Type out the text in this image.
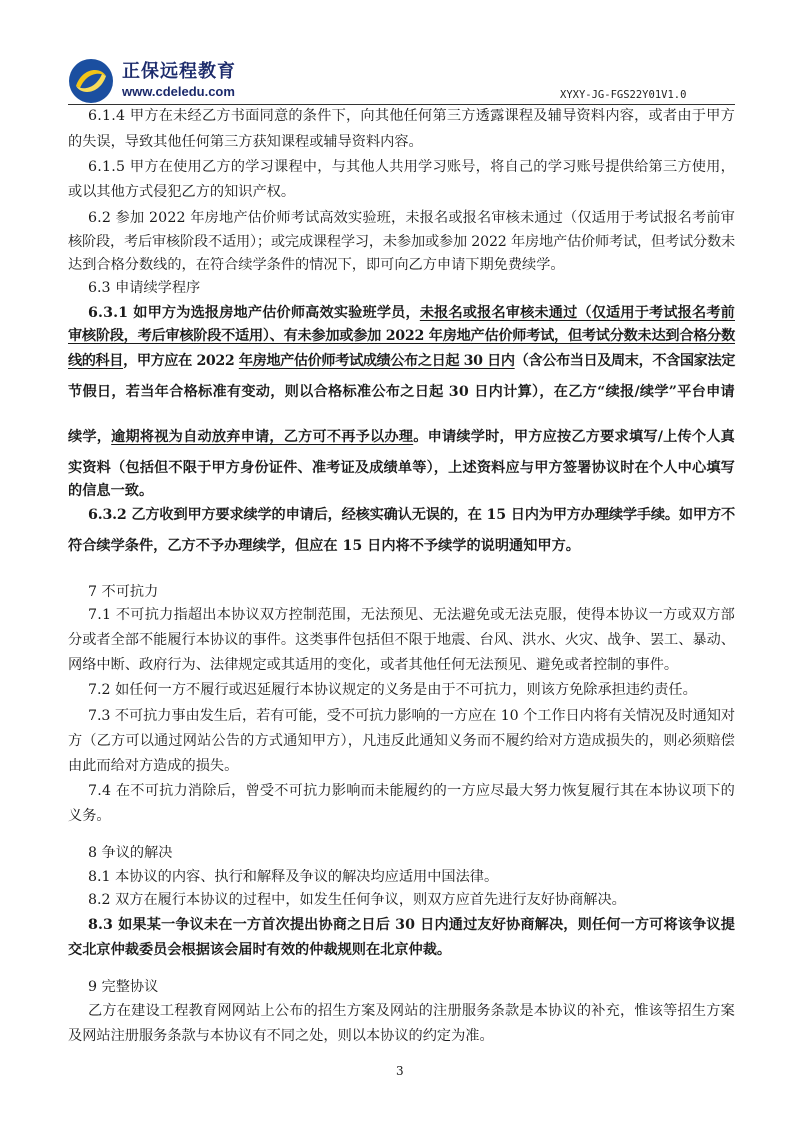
正保远程教育
www.cdeledu.com	XYXY-JG-FGS22Y01V1.0
6.1.4 甲方在未经乙方书面同意的条件下，向其他任何第三方透露课程及辅导资料内容，或者由于甲方
的失误，导致其他任何第三方获知课程或辅导资料内容。
6.1.5 甲方在使用乙方的学习课程中，与其他人共用学习账号，将自己的学习账号提供给第三方使用，
或以其他方式侵犯乙方的知识产权。
6.2 参加 2022 年房地产估价师考试高效实验班，未报名或报名审核未通过（仅适用于考试报名考前审
核阶段，考后审核阶段不适用）；或完成课程学习，未参加或参加 2022 年房地产估价师考试，但考试分数未
达到合格分数线的，在符合续学条件的情况下，即可向乙方申请下期免费续学。
6.3 申请续学程序
6.3.1 如甲方为选报房地产估价师高效实验班学员，未报名或报名审核未通过（仅适用于考试报名考前
审核阶段，考后审核阶段不适用）、有未参加或参加 2022 年房地产估价师考试，但考试分数未达到合格分数
线的科目，甲方应在 2022 年房地产估价师考试成绩公布之日起 30 日内（含公布当日及周末，不含国家法定
节假日，若当年合格标准有变动，则以合格标准公布之日起 30 日内计算），在乙方“续报/续学”平台申请
续学，逾期将视为自动放弃申请，乙方可不再予以办理。申请续学时，甲方应按乙方要求填写/上传个人真
实资料（包括但不限于甲方身份证件、准考证及成绩单等），上述资料应与甲方签署协议时在个人中心填写
的信息一致。
6.3.2 乙方收到甲方要求续学的申请后，经核实确认无误的，在 15 日内为甲方办理续学手续。如甲方不
符合续学条件，乙方不予办理续学，但应在 15 日内将不予续学的说明通知甲方。
7 不可抗力
7.1 不可抗力指超出本协议双方控制范围，无法预见、无法避免或无法克服，使得本协议一方或双方部
分或者全部不能履行本协议的事件。这类事件包括但不限于地震、台风、洪水、火灾、战争、罢工、暴动、
网络中断、政府行为、法律规定或其适用的变化，或者其他任何无法预见、避免或者控制的事件。
7.2 如任何一方不履行或迟延履行本协议规定的义务是由于不可抗力，则该方免除承担违约责任。
7.3 不可抗力事由发生后，若有可能，受不可抗力影响的一方应在 10 个工作日内将有关情况及时通知对
方（乙方可以通过网站公告的方式通知甲方），凡违反此通知义务而不履约给对方造成损失的，则必须赔偿
由此而给对方造成的损失。
7.4 在不可抗力消除后，曾受不可抗力影响而未能履约的一方应尽最大努力恢复履行其在本协议项下的
义务。
8 争议的解决
8.1 本协议的内容、执行和解释及争议的解决均应适用中国法律。
8.2 双方在履行本协议的过程中，如发生任何争议，则双方应首先进行友好协商解决。
8.3 如果某一争议未在一方首次提出协商之日后 30 日内通过友好协商解决，则任何一方可将该争议提
交北京仲裁委员会根据该会届时有效的仲裁规则在北京仲裁。
9 完整协议
乙方在建设工程教育网网站上公布的招生方案及网站的注册服务条款是本协议的补充，惟该等招生方案
及网站注册服务条款与本协议有不同之处，则以本协议的约定为准。
3
